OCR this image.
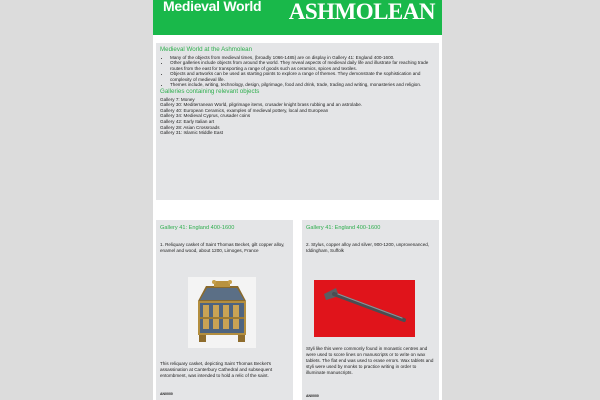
Medieval World ASHMOLEAN
Medieval World at the Ashmolean
• Many of the objects from medieval times, (broadly 1066-1485) are on display in Gallery 41: England 400-1600.
• Other galleries include objects from around the world. They reveal aspects of medieval daily life and illustrate far reaching trade routes from the east for transporting a range of goods such as ceramics, spices and textiles.
• Objects and artworks can be used as starting points to explore a range of themes. They demonstrate the sophistication and complexity of medieval life.
• Themes include, writing, technology, design, pilgrimage, food and drink, trade, trading and writing, monasteries and religion.
Galleries containing relevant objects
Gallery 7: Money
Gallery 30: Mediterranean World, pilgrimage items, crusader knight brass rubbing and an astrolabe.
Gallery 40: European Ceramics, examples of medieval pottery, local and European
Gallery 34: Medieval Cyprus, crusader coins
Gallery 42: Early Italian art
Gallery 28: Asian Crossroads
Gallery 31: Islamic Middle East
Gallery 41: England 400-1600
1. Reliquary casket of Saint Thomas Becket, gilt copper alloy, enamel and wood, about 1200, Limoges, France
This reliquary casket, depicting Saint Thomas Becket's assassination at Canterbury Cathedral and subsequent entombment, was intended to hold a relic of the saint.
AN0000
Gallery 41: England 400-1600
2. Stylus, copper alloy and silver, 900-1200, unprovenanced, Iddingham, Suffolk
Styli like this were commonly found in monastic centres and were used to score lines on manuscripts or to write on wax tablets. The flat end was used to erase errors. Wax tablets and styli were used by monks to practice writing in order to illuminate manuscripts.
AN0000
